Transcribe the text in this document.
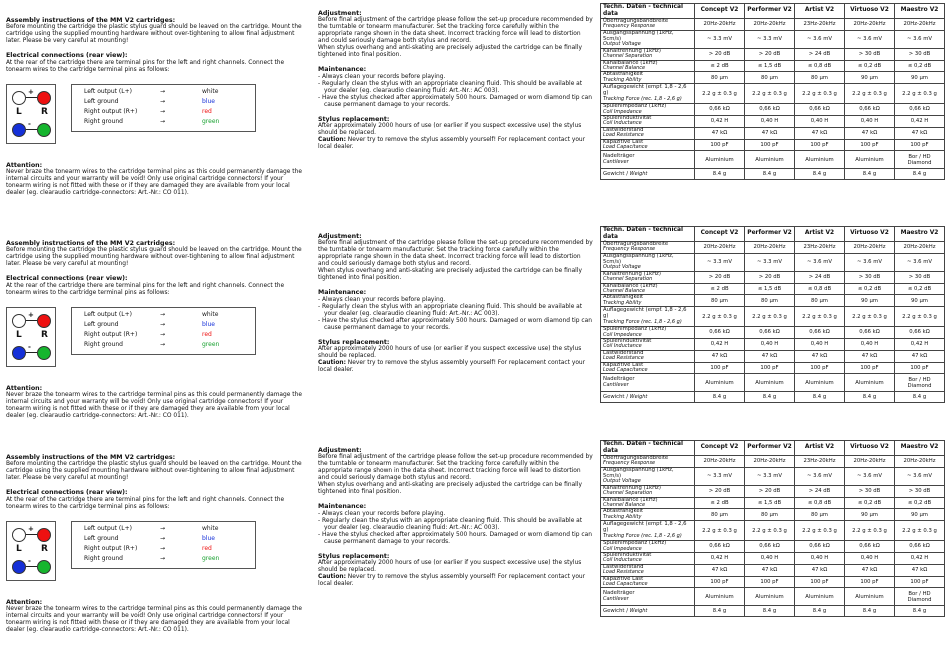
Assembly instructions of the MM V2 cartridges:

Before mounting the cartridge the plastic stylus guard should be leaved on the cartridge. Mount the cartridge using the supplied mounting hardware without over-tightening to allow final adjustment later. Please be very careful at mounting!

Electrical connections (rear view):

At the rear of the cartridge there are terminal pins for the left and right channels. Connect the tonearm wires to the cartridge terminal pins as follows:

+
-
L R
Left output (L+)	→	white
Left ground	→	blue
Right output (R+)	→	red
Right ground	→	green
Attention:

Never braze the tonearm wires to the cartridge terminal pins as this could permanently damage the internal circuits and your warranty will be void! Only use original cartridge connectors! If your tonearm wiring is not fitted with these or if they are damaged they are available from your local dealer (eg. clearaudio cartridge-connectors: Art.-Nr.: CO 011).

Adjustment:

Before final adjustment of the cartridge please follow the set-up procedure recommended by the turntable or tonearm manufacturer. Set the tracking force carefully within the appropriate range shown in the data sheet. Incorrect tracking force will lead to distortion and could seriously damage both stylus and record.

When stylus overhang and anti-skating are precisely adjusted the cartridge can be finally tightened into final position.

Maintenance:
- Always clean your records before playing.
- Regularly clean the stylus with an appropriate cleaning fluid. This should be available at your dealer (eg. clearaudio cleaning fluid: Art.-Nr.: AC 003).
- Have the stylus checked after approximately 500 hours. Damaged or worn diamond tip can cause permanent damage to your records.
Stylus replacement:

After approximately 2000 hours of use (or earlier if you suspect excessive use) the stylus should be replaced.

Caution: Never try to remove the stylus assembly yourself! For replacement contact your local dealer.

Techn. Daten - technical data	Concept V2	Performer V2	Artist V2	Virtuoso V2	Maestro V2
Übertragungsbandbreite
Frequency Response	20Hz-20kHz	20Hz-20kHz	23Hz-20kHz	20Hz-20kHz	20Hz-20kHz
Ausgangsspannung (1kHz, 5cm/s)
Output Voltage	~ 3.3 mV	~ 3.3 mV	~ 3.6 mV	~ 3.6 mV	~ 3.6 mV
Kanaltrennung (1kHz)
Channel Separation	> 20 dB	> 20 dB	> 24 dB	> 30 dB	> 30 dB
Kanalbalance (1kHz)
Channel Balance	≤ 2 dB	≤ 1,5 dB	≤ 0,8 dB	≤ 0,2 dB	≤ 0,2 dB
Abtastfähigkeit
Tracking Ability	80 µm	80 µm	80 µm	90 µm	90 µm
Auflagegewicht (empf. 1,8 - 2,6 g)
Tracking Force (rec. 1,8 - 2,6 g)	2.2 g ± 0.3 g	2.2 g ± 0.3 g	2.2 g ± 0.3 g	2.2 g ± 0.3 g	2.2 g ± 0.3 g
Spulenimpedanz (1kHz)
Coil Impedance	0,66 kΩ	0,66 kΩ	0,66 kΩ	0,66 kΩ	0,66 kΩ
Spuleninduktivität
Coil Inductance	0,42 H	0,40 H	0,40 H	0,40 H	0,42 H
Lastwiderstand
Load Resistance	47 kΩ	47 kΩ	47 kΩ	47 kΩ	47 kΩ
Kapazitive Last
Load Capacitance	100 pF	100 pF	100 pF	100 pF	100 pF
Nadelträger
Cantilever	Aluminium	Aluminium	Aluminium	Aluminium	Bor / HD Diamond
Gewicht / Weight	8.4 g	8.4 g	8.4 g	8.4 g	8.4 g
Assembly instructions of the MM V2 cartridges:

Before mounting the cartridge the plastic stylus guard should be leaved on the cartridge. Mount the cartridge using the supplied mounting hardware without over-tightening to allow final adjustment later. Please be very careful at mounting!

Electrical connections (rear view):

At the rear of the cartridge there are terminal pins for the left and right channels. Connect the tonearm wires to the cartridge terminal pins as follows:

+
-
L R
Left output (L+)	→	white
Left ground	→	blue
Right output (R+)	→	red
Right ground	→	green
Attention:

Never braze the tonearm wires to the cartridge terminal pins as this could permanently damage the internal circuits and your warranty will be void! Only use original cartridge connectors! If your tonearm wiring is not fitted with these or if they are damaged they are available from your local dealer (eg. clearaudio cartridge-connectors: Art.-Nr.: CO 011).

Adjustment:

Before final adjustment of the cartridge please follow the set-up procedure recommended by the turntable or tonearm manufacturer. Set the tracking force carefully within the appropriate range shown in the data sheet. Incorrect tracking force will lead to distortion and could seriously damage both stylus and record.

When stylus overhang and anti-skating are precisely adjusted the cartridge can be finally tightened into final position.

Maintenance:
- Always clean your records before playing.
- Regularly clean the stylus with an appropriate cleaning fluid. This should be available at your dealer (eg. clearaudio cleaning fluid: Art.-Nr.: AC 003).
- Have the stylus checked after approximately 500 hours. Damaged or worn diamond tip can cause permanent damage to your records.
Stylus replacement:

After approximately 2000 hours of use (or earlier if you suspect excessive use) the stylus should be replaced.

Caution: Never try to remove the stylus assembly yourself! For replacement contact your local dealer.

Techn. Daten - technical data	Concept V2	Performer V2	Artist V2	Virtuoso V2	Maestro V2
Übertragungsbandbreite
Frequency Response	20Hz-20kHz	20Hz-20kHz	23Hz-20kHz	20Hz-20kHz	20Hz-20kHz
Ausgangsspannung (1kHz, 5cm/s)
Output Voltage	~ 3.3 mV	~ 3.3 mV	~ 3.6 mV	~ 3.6 mV	~ 3.6 mV
Kanaltrennung (1kHz)
Channel Separation	> 20 dB	> 20 dB	> 24 dB	> 30 dB	> 30 dB
Kanalbalance (1kHz)
Channel Balance	≤ 2 dB	≤ 1,5 dB	≤ 0,8 dB	≤ 0,2 dB	≤ 0,2 dB
Abtastfähigkeit
Tracking Ability	80 µm	80 µm	80 µm	90 µm	90 µm
Auflagegewicht (empf. 1,8 - 2,6 g)
Tracking Force (rec. 1,8 - 2,6 g)	2.2 g ± 0.3 g	2.2 g ± 0.3 g	2.2 g ± 0.3 g	2.2 g ± 0.3 g	2.2 g ± 0.3 g
Spulenimpedanz (1kHz)
Coil Impedance	0,66 kΩ	0,66 kΩ	0,66 kΩ	0,66 kΩ	0,66 kΩ
Spuleninduktivität
Coil Inductance	0,42 H	0,40 H	0,40 H	0,40 H	0,42 H
Lastwiderstand
Load Resistance	47 kΩ	47 kΩ	47 kΩ	47 kΩ	47 kΩ
Kapazitive Last
Load Capacitance	100 pF	100 pF	100 pF	100 pF	100 pF
Nadelträger
Cantilever	Aluminium	Aluminium	Aluminium	Aluminium	Bor / HD Diamond
Gewicht / Weight	8.4 g	8.4 g	8.4 g	8.4 g	8.4 g
Assembly instructions of the MM V2 cartridges:

Before mounting the cartridge the plastic stylus guard should be leaved on the cartridge. Mount the cartridge using the supplied mounting hardware without over-tightening to allow final adjustment later. Please be very careful at mounting!

Electrical connections (rear view):

At the rear of the cartridge there are terminal pins for the left and right channels. Connect the tonearm wires to the cartridge terminal pins as follows:

+
-
L R
Left output (L+)	→	white
Left ground	→	blue
Right output (R+)	→	red
Right ground	→	green
Attention:

Never braze the tonearm wires to the cartridge terminal pins as this could permanently damage the internal circuits and your warranty will be void! Only use original cartridge connectors! If your tonearm wiring is not fitted with these or if they are damaged they are available from your local dealer (eg. clearaudio cartridge-connectors: Art.-Nr.: CO 011).

Adjustment:

Before final adjustment of the cartridge please follow the set-up procedure recommended by the turntable or tonearm manufacturer. Set the tracking force carefully within the appropriate range shown in the data sheet. Incorrect tracking force will lead to distortion and could seriously damage both stylus and record.

When stylus overhang and anti-skating are precisely adjusted the cartridge can be finally tightened into final position.

Maintenance:
- Always clean your records before playing.
- Regularly clean the stylus with an appropriate cleaning fluid. This should be available at your dealer (eg. clearaudio cleaning fluid: Art.-Nr.: AC 003).
- Have the stylus checked after approximately 500 hours. Damaged or worn diamond tip can cause permanent damage to your records.
Stylus replacement:

After approximately 2000 hours of use (or earlier if you suspect excessive use) the stylus should be replaced.

Caution: Never try to remove the stylus assembly yourself! For replacement contact your local dealer.

Techn. Daten - technical data	Concept V2	Performer V2	Artist V2	Virtuoso V2	Maestro V2
Übertragungsbandbreite
Frequency Response	20Hz-20kHz	20Hz-20kHz	23Hz-20kHz	20Hz-20kHz	20Hz-20kHz
Ausgangsspannung (1kHz, 5cm/s)
Output Voltage	~ 3.3 mV	~ 3.3 mV	~ 3.6 mV	~ 3.6 mV	~ 3.6 mV
Kanaltrennung (1kHz)
Channel Separation	> 20 dB	> 20 dB	> 24 dB	> 30 dB	> 30 dB
Kanalbalance (1kHz)
Channel Balance	≤ 2 dB	≤ 1,5 dB	≤ 0,8 dB	≤ 0,2 dB	≤ 0,2 dB
Abtastfähigkeit
Tracking Ability	80 µm	80 µm	80 µm	90 µm	90 µm
Auflagegewicht (empf. 1,8 - 2,6 g)
Tracking Force (rec. 1,8 - 2,6 g)	2.2 g ± 0.3 g	2.2 g ± 0.3 g	2.2 g ± 0.3 g	2.2 g ± 0.3 g	2.2 g ± 0.3 g
Spulenimpedanz (1kHz)
Coil Impedance	0,66 kΩ	0,66 kΩ	0,66 kΩ	0,66 kΩ	0,66 kΩ
Spuleninduktivität
Coil Inductance	0,42 H	0,40 H	0,40 H	0,40 H	0,42 H
Lastwiderstand
Load Resistance	47 kΩ	47 kΩ	47 kΩ	47 kΩ	47 kΩ
Kapazitive Last
Load Capacitance	100 pF	100 pF	100 pF	100 pF	100 pF
Nadelträger
Cantilever	Aluminium	Aluminium	Aluminium	Aluminium	Bor / HD Diamond
Gewicht / Weight	8.4 g	8.4 g	8.4 g	8.4 g	8.4 g
